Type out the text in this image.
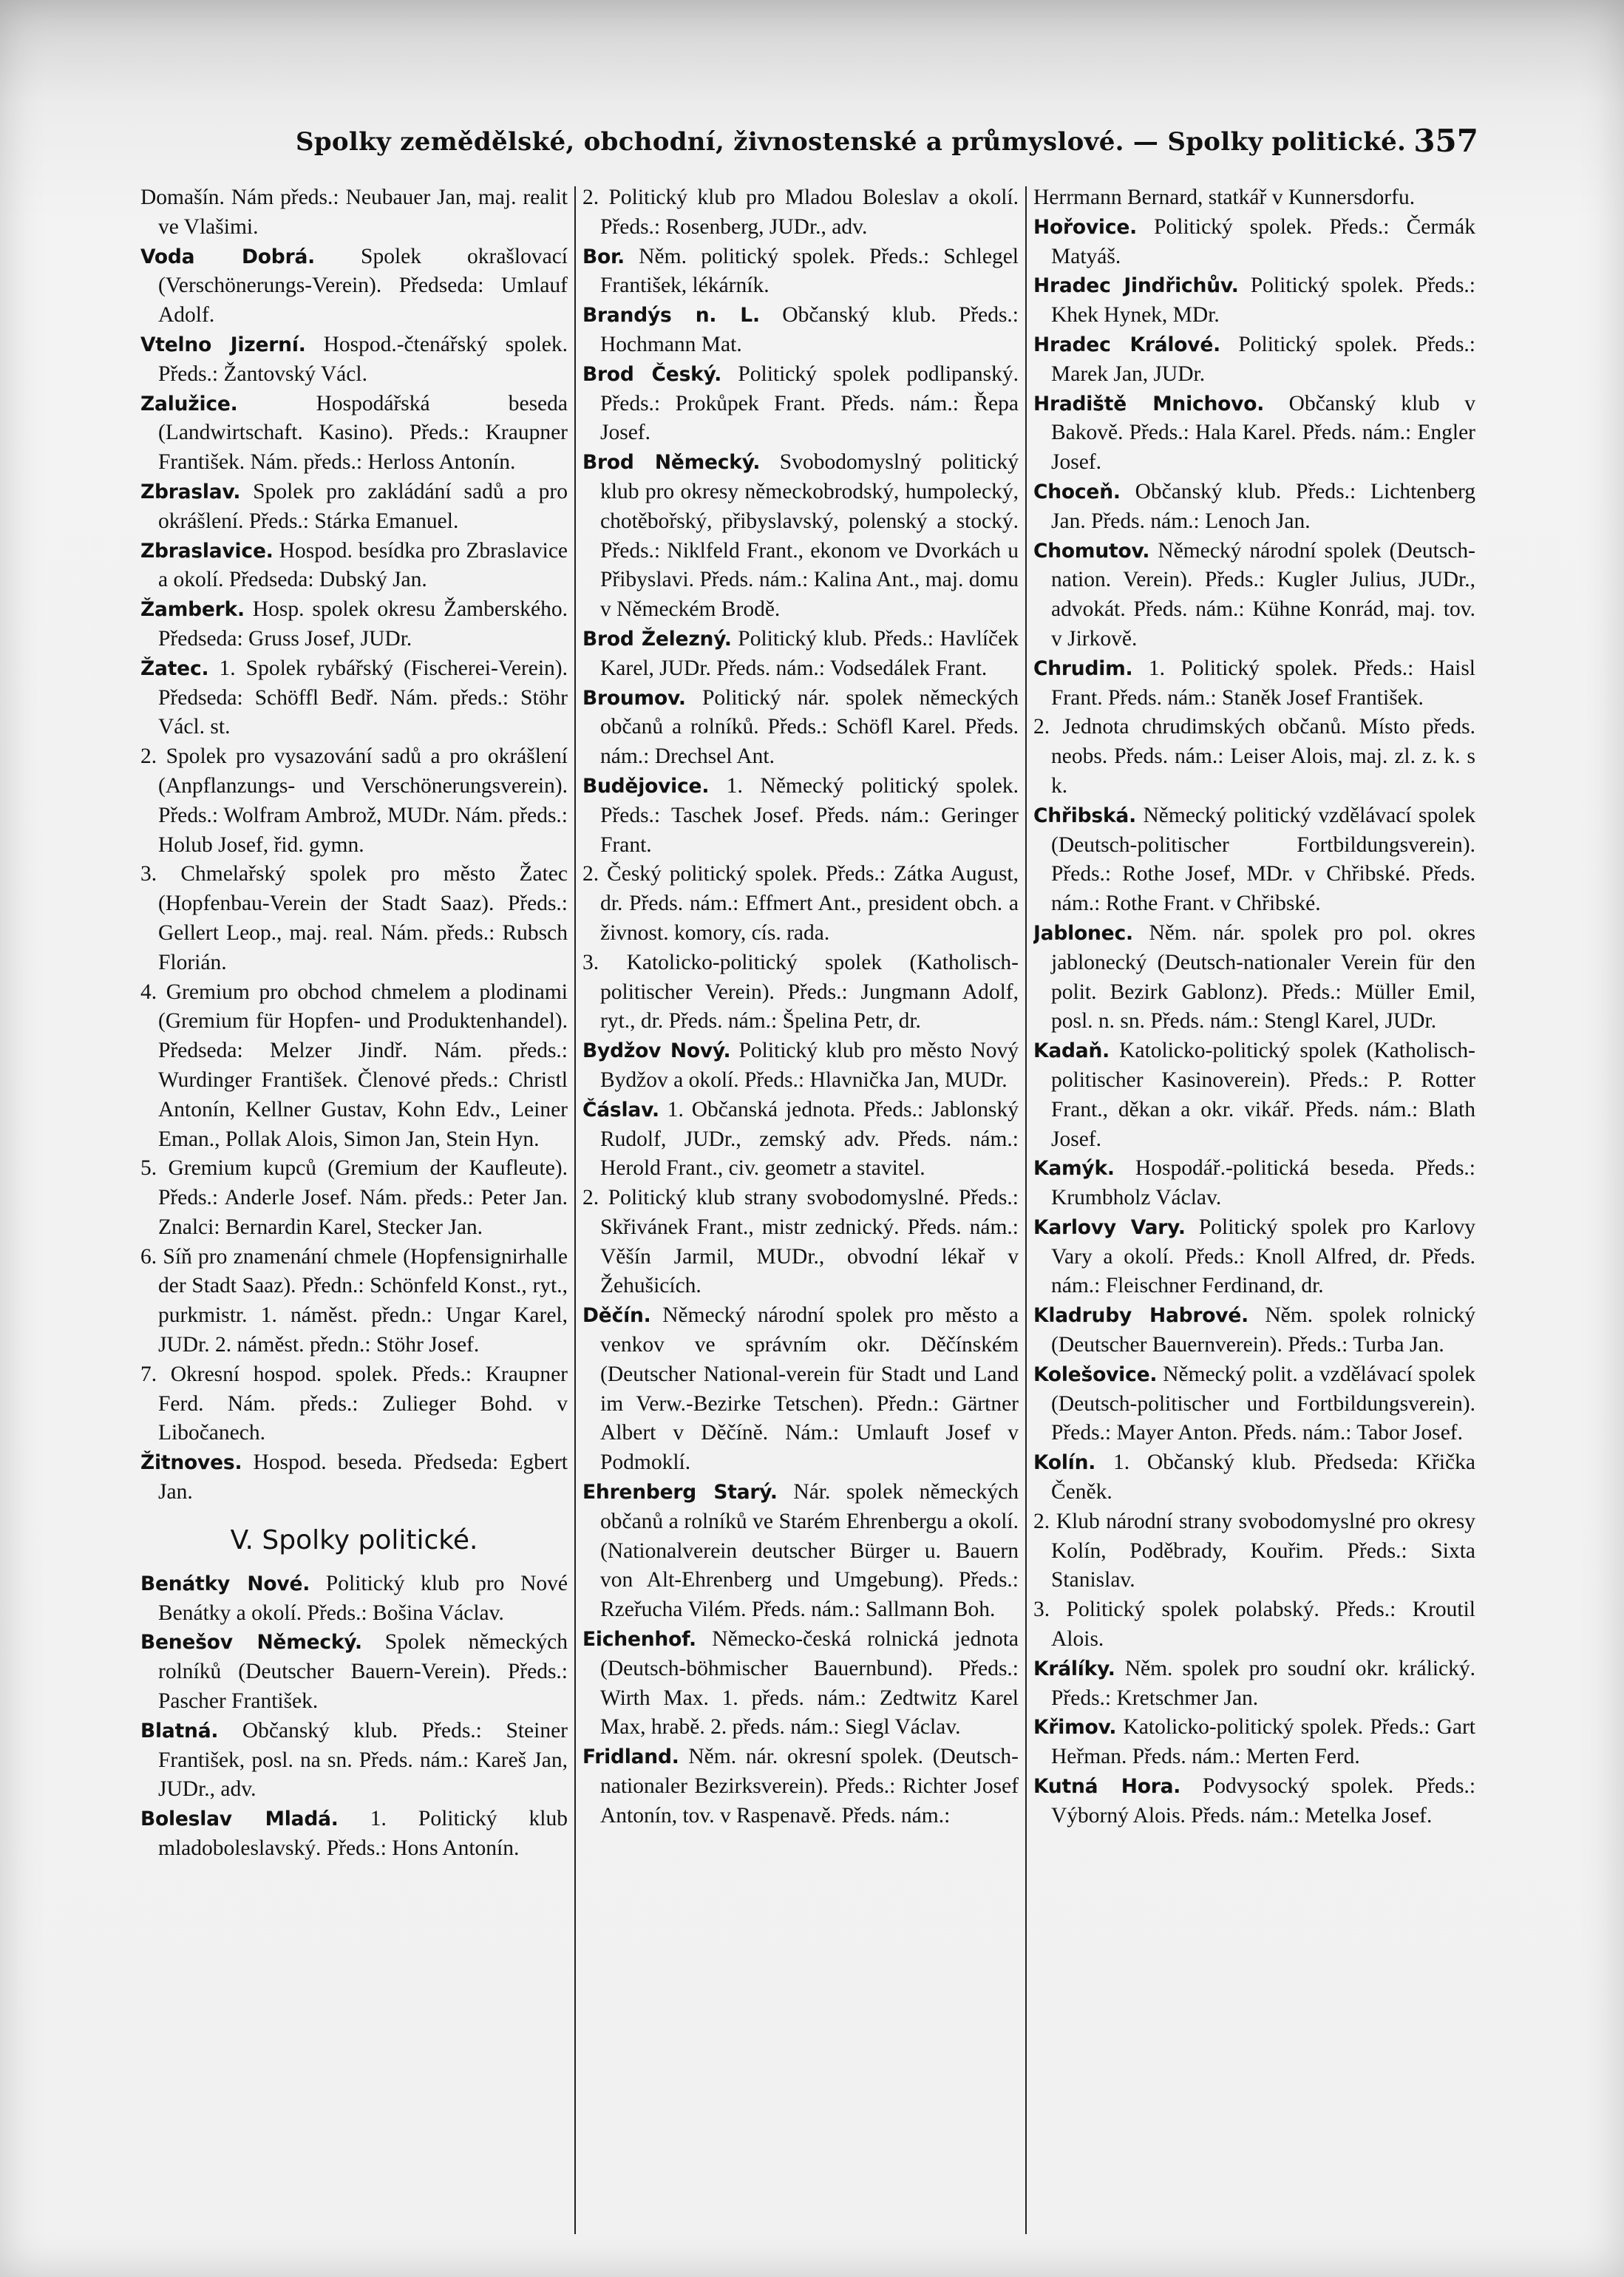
Spolky zemědělské, obchodní, živnostenské a průmyslové. — Spolky politické. 357

Domašín. Nám předs.: Neubauer Jan, maj. realit ve Vlašimi.

Voda Dobrá. Spolek okrašlovací (Verschönerungs-Verein). Předseda: Umlauf Adolf.

Vtelno Jizerní. Hospod.-čtenářský spolek. Předs.: Žantovský Václ.

Zalužice.	Hospodářská beseda (Landwirtschaft. Kasino). Předs.: Kraupner František. Nám. předs.: Herloss Antonín.

Zbraslav. Spolek pro zakládání sadů a pro okrášlení. Předs.: Stárka Emanuel.

Zbraslavice. Hospod. besídka pro Zbraslavice a okolí. Předseda: Dubský Jan.

Žamberk. Hosp. spolek okresu Žamberského. Předseda: Gruss Josef, JUDr.

Žatec. 1. Spolek rybářský (Fischerei-Verein). Předseda: Schöffl Bedř. Nám. předs.: Stöhr Václ. st.

2. Spolek pro vysazování sadů a pro okrášlení (Anpflanzungs- und Verschönerungsverein). Předs.: Wolfram Ambrož, MUDr. Nám. předs.: Holub Josef, řid. gymn.

3. Chmelařský spolek pro město Žatec (Hopfenbau-Verein der Stadt Saaz). Předs.: Gellert Leop., maj. real. Nám. předs.: Rubsch Florián.

4. Gremium pro obchod chmelem a plodinami (Gremium für Hopfen- und Produktenhandel). Předseda: Melzer Jindř. Nám. předs.: Wurdinger František. Členové předs.: Christl Antonín, Kellner Gustav, Kohn Edv., Leiner Eman., Pollak Alois, Simon Jan, Stein Hyn.

5. Gremium kupců (Gremium der Kaufleute). Předs.: Anderle Josef. Nám. předs.: Peter Jan. Znalci: Bernardin Karel, Stecker Jan.

6. Síň pro znamenání chmele (Hopfensignirhalle der Stadt Saaz). Předn.: Schönfeld Konst., ryt., purkmistr. 1. náměst. předn.: Ungar Karel, JUDr. 2. náměst. předn.: Stöhr Josef.

7. Okresní hospod. spolek. Předs.: Kraupner Ferd. Nám. předs.: Zulieger Bohd. v Libočanech.

Žitnoves. Hospod. beseda. Předseda: Egbert Jan.

V. Spolky politické.

Benátky Nové. Politický klub pro Nové Benátky a okolí. Předs.: Bošina Václav.

Benešov Německý. Spolek německých rolníků (Deutscher Bauern-Verein). Předs.: Pascher František.

Blatná. Občanský klub. Předs.: Steiner František, posl. na sn. Předs. nám.: Kareš Jan, JUDr., adv.

Boleslav Mladá. 1. Politický klub mladoboleslavský. Předs.: Hons Antonín.

2. Politický klub pro Mladou Boleslav a okolí. Předs.: Rosenberg, JUDr., adv.

Bor. Něm. politický spolek. Předs.: Schlegel František, lékárník.

Brandýs n. L. Občanský klub. Předs.: Hochmann Mat.

Brod Český. Politický spolek podlipanský. Předs.: Prokůpek Frant. Předs. nám.: Řepa Josef.

Brod Německý. Svobodomyslný politický klub pro okresy německobrodský, humpolecký, chotěbořský, přibyslavský, polenský a stocký. Předs.: Niklfeld Frant., ekonom ve Dvorkách u Přibyslavi. Předs. nám.: Kalina Ant., maj. domu v Německém Brodě.

Brod Železný. Politický klub. Předs.: Havlíček Karel, JUDr. Předs. nám.: Vodsedálek Frant.

Broumov. Politický nár. spolek německých občanů a rolníků. Předs.: Schöfl Karel. Předs. nám.: Drechsel Ant.

Budějovice. 1. Německý politický spolek. Předs.: Taschek Josef. Předs. nám.: Geringer Frant.

2. Český politický spolek. Předs.: Zátka August, dr. Předs. nám.: Effmert Ant., president obch. a živnost. komory, cís. rada.

3. Katolicko-politický spolek (Katholisch-politischer Verein). Předs.: Jungmann Adolf, ryt., dr. Předs. nám.: Špelina Petr, dr.

Bydžov Nový. Politický klub pro město Nový Bydžov a okolí. Předs.: Hlavnička Jan, MUDr.

Čáslav. 1. Občanská jednota. Předs.: Jablonský Rudolf, JUDr., zemský adv. Předs. nám.: Herold Frant., civ. geometr a stavitel.

2. Politický klub strany svobodomyslné. Předs.: Skřivánek Frant., mistr zednický. Předs. nám.: Věšín Jarmil, MUDr., obvodní lékař v Žehušicích.

Děčín. Německý národní spolek pro město a venkov ve správním okr. Děčínském (Deutscher National-verein für Stadt und Land im Verw.-Bezirke Tetschen). Předn.: Gärtner Albert v Děčíně. Nám.: Umlauft Josef v Podmoklí.

Ehrenberg Starý. Nár. spolek německých občanů a rolníků ve Starém Ehrenbergu a okolí. (Nationalverein deutscher Bürger u. Bauern von Alt-Ehrenberg und Umgebung). Předs.: Rzeřucha Vilém. Předs. nám.: Sallmann Boh.

Eichenhof. Německo-česká rolnická jednota (Deutsch-böhmischer Bauernbund). Předs.: Wirth Max. 1. předs. nám.: Zedtwitz Karel Max, hrabě. 2. předs. nám.: Siegl Václav.

Fridland. Něm. nár. okresní spolek. (Deutsch-nationaler Bezirksverein). Předs.: Richter Josef Antonín, tov. v Raspenavě. Předs. nám.:

Herrmann Bernard, statkář v Kunnersdorfu.

Hořovice. Politický spolek. Předs.: Čermák Matyáš.

Hradec Jindřichův. Politický spolek. Předs.: Khek Hynek, MDr.

Hradec Králové. Politický spolek. Předs.: Marek Jan, JUDr.

Hradiště Mnichovo. Občanský klub v Bakově. Předs.: Hala Karel. Předs. nám.: Engler Josef.

Choceň. Občanský klub. Předs.: Lichtenberg Jan. Předs. nám.: Lenoch Jan.

Chomutov. Německý národní spolek (Deutsch-nation. Verein). Předs.: Kugler Julius, JUDr., advokát. Předs. nám.: Kühne Konrád, maj. tov. v Jirkově.

Chrudim. 1. Politický spolek. Předs.: Haisl Frant. Předs. nám.: Staněk Josef František.

2. Jednota chrudimských občanů. Místo předs. neobs. Předs. nám.: Leiser Alois, maj. zl. z. k. s k.

Chřibská. Německý politický vzdělávací spolek (Deutsch-politischer Fortbildungsverein). Předs.: Rothe Josef, MDr. v Chřibské. Předs. nám.: Rothe Frant. v Chřibské.

Jablonec. Něm. nár. spolek pro pol. okres jablonecký (Deutsch-nationaler Verein für den polit. Bezirk Gablonz). Předs.: Müller Emil, posl. n. sn. Předs. nám.: Stengl Karel, JUDr.

Kadaň. Katolicko-politický spolek (Katholisch-politischer Kasinoverein). Předs.: P. Rotter Frant., děkan a okr. vikář. Předs. nám.: Blath Josef.

Kamýk. Hospodář.-politická beseda. Předs.: Krumbholz Václav.

Karlovy Vary. Politický spolek pro Karlovy Vary a okolí. Předs.: Knoll Alfred, dr. Předs. nám.: Fleischner Ferdinand, dr.

Kladruby Habrové. Něm. spolek rolnický (Deutscher Bauernverein). Předs.: Turba Jan.

Kolešovice. Německý polit. a vzdělávací spolek (Deutsch-politischer und Fortbildungsverein). Předs.: Mayer Anton. Předs. nám.: Tabor Josef.

Kolín. 1. Občanský klub. Předseda: Křička Čeněk.

2. Klub národní strany svobodomyslné pro okresy Kolín, Poděbrady, Kouřim. Předs.: Sixta Stanislav.

3. Politický spolek polabský. Předs.: Kroutil Alois.

Králíky. Něm. spolek pro soudní okr. králický. Předs.: Kretschmer Jan.

Křimov. Katolicko-politický spolek. Předs.: Gart Heřman. Předs. nám.: Merten Ferd.

Kutná Hora. Podvysocký spolek. Předs.: Výborný Alois. Předs. nám.: Metelka Josef.
